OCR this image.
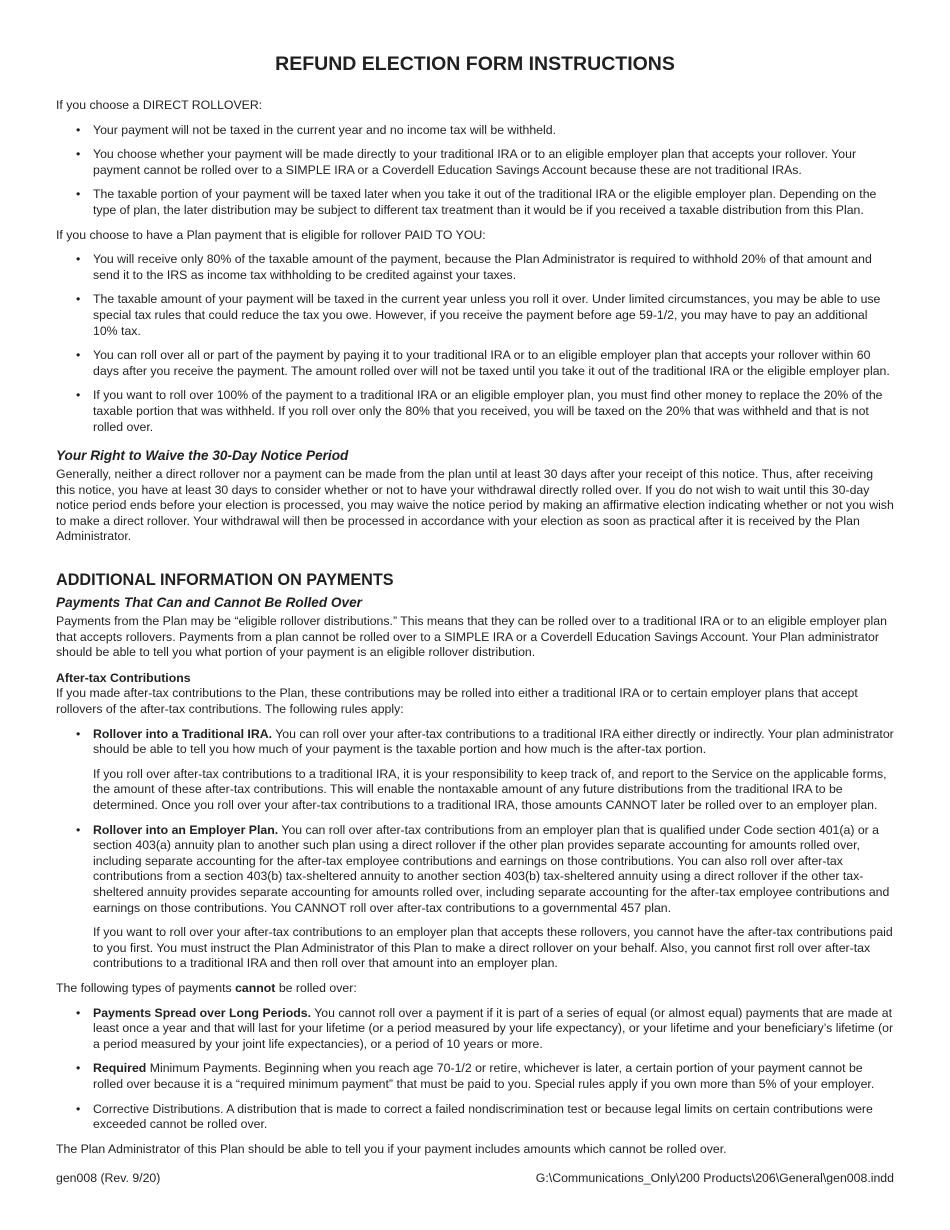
REFUND ELECTION FORM INSTRUCTIONS

If you choose a DIRECT ROLLOVER:

• Your payment will not be taxed in the current year and no income tax will be withheld.
• You choose whether your payment will be made directly to your traditional IRA or to an eligible employer plan that accepts your rollover. Your payment cannot be rolled over to a SIMPLE IRA or a Coverdell Education Savings Account because these are not traditional IRAs.
• The taxable portion of your payment will be taxed later when you take it out of the traditional IRA or the eligible employer plan. Depending on the type of plan, the later distribution may be subject to different tax treatment than it would be if you received a taxable distribution from this Plan.

If you choose to have a Plan payment that is eligible for rollover PAID TO YOU:

• You will receive only 80% of the taxable amount of the payment, because the Plan Administrator is required to withhold 20% of that amount and send it to the IRS as income tax withholding to be credited against your taxes.
• The taxable amount of your payment will be taxed in the current year unless you roll it over. Under limited circumstances, you may be able to use special tax rules that could reduce the tax you owe. However, if you receive the payment before age 59-1/2, you may have to pay an additional 10% tax.
• You can roll over all or part of the payment by paying it to your traditional IRA or to an eligible employer plan that accepts your rollover within 60 days after you receive the payment. The amount rolled over will not be taxed until you take it out of the traditional IRA or the eligible employer plan.
• If you want to roll over 100% of the payment to a traditional IRA or an eligible employer plan, you must find other money to replace the 20% of the taxable portion that was withheld. If you roll over only the 80% that you received, you will be taxed on the 20% that was withheld and that is not rolled over.
Your Right to Waive the 30-Day Notice Period

Generally, neither a direct rollover nor a payment can be made from the plan until at least 30 days after your receipt of this notice. Thus, after receiving this notice, you have at least 30 days to consider whether or not to have your withdrawal directly rolled over. If you do not wish to wait until this 30-day notice period ends before your election is processed, you may waive the notice period by making an affirmative election indicating whether or not you wish to make a direct rollover. Your withdrawal will then be processed in accordance with your election as soon as practical after it is received by the Plan Administrator.

ADDITIONAL INFORMATION ON PAYMENTS
Payments That Can and Cannot Be Rolled Over

Payments from the Plan may be “eligible rollover distributions.” This means that they can be rolled over to a traditional IRA or to an eligible employer plan that accepts rollovers. Payments from a plan cannot be rolled over to a SIMPLE IRA or a Coverdell Education Savings Account. Your Plan administrator should be able to tell you what portion of your payment is an eligible rollover distribution.

After-tax Contributions

If you made after-tax contributions to the Plan, these contributions may be rolled into either a traditional IRA or to certain employer plans that accept rollovers of the after-tax contributions. The following rules apply:

• Rollover into a Traditional IRA. You can roll over your after-tax contributions to a traditional IRA either directly or indirectly. Your plan administrator should be able to tell you how much of your payment is the taxable portion and how much is the after-tax portion.

If you roll over after-tax contributions to a traditional IRA, it is your responsibility to keep track of, and report to the Service on the applicable forms, the amount of these after-tax contributions. This will enable the nontaxable amount of any future distributions from the traditional IRA to be determined. Once you roll over your after-tax contributions to a traditional IRA, those amounts CANNOT later be rolled over to an employer plan.

• Rollover into an Employer Plan. You can roll over after-tax contributions from an employer plan that is qualified under Code section 401(a) or a section 403(a) annuity plan to another such plan using a direct rollover if the other plan provides separate accounting for amounts rolled over, including separate accounting for the after-tax employee contributions and earnings on those contributions. You can also roll over after-tax contributions from a section 403(b) tax-sheltered annuity to another section 403(b) tax-sheltered annuity using a direct rollover if the other tax-sheltered annuity provides separate accounting for amounts rolled over, including separate accounting for the after-tax employee contributions and earnings on those contributions. You CANNOT roll over after-tax contributions to a governmental 457 plan.

If you want to roll over your after-tax contributions to an employer plan that accepts these rollovers, you cannot have the after-tax contributions paid to you first. You must instruct the Plan Administrator of this Plan to make a direct rollover on your behalf. Also, you cannot first roll over after-tax contributions to a traditional IRA and then roll over that amount into an employer plan.

The following types of payments cannot be rolled over:

• Payments Spread over Long Periods. You cannot roll over a payment if it is part of a series of equal (or almost equal) payments that are made at least once a year and that will last for your lifetime (or a period measured by your life expectancy), or your lifetime and your beneficiary’s lifetime (or a period measured by your joint life expectancies), or a period of 10 years or more.
• Required Minimum Payments. Beginning when you reach age 70-1/2 or retire, whichever is later, a certain portion of your payment cannot be rolled over because it is a “required minimum payment” that must be paid to you. Special rules apply if you own more than 5% of your employer.
• Corrective Distributions. A distribution that is made to correct a failed nondiscrimination test or because legal limits on certain contributions were exceeded cannot be rolled over.

The Plan Administrator of this Plan should be able to tell you if your payment includes amounts which cannot be rolled over.

gen008 (Rev. 9/20)	G:\Communications_Only\200 Products\206\General\gen008.indd
